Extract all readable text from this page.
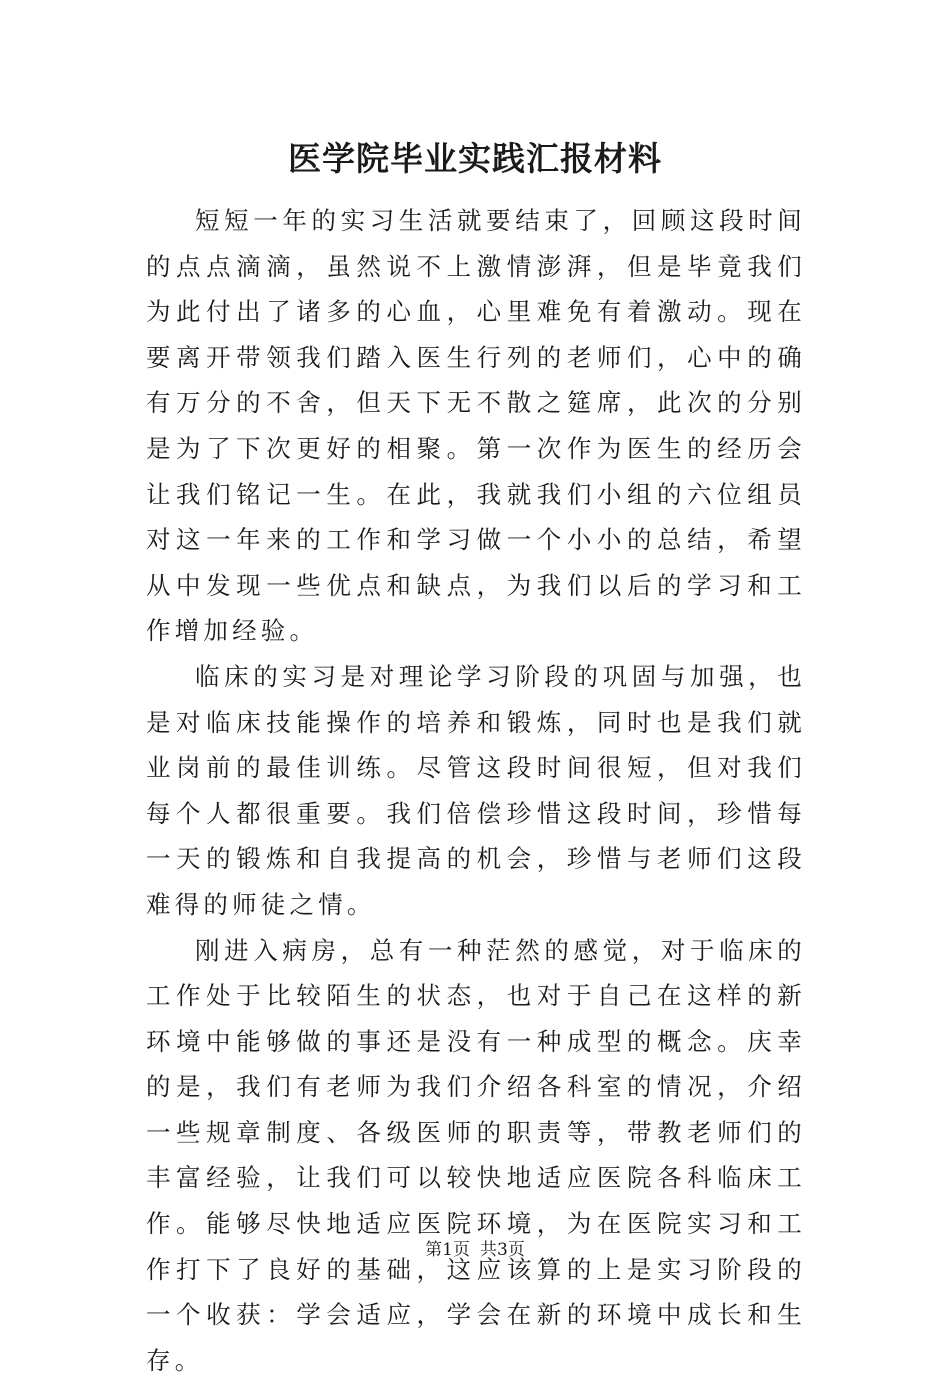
医学院毕业实践汇报材料

短短一年的实习生活就要结束了，回顾这段时间的点点滴滴，虽然说不上激情澎湃，但是毕竟我们为此付出了诸多的心血，心里难免有着激动。现在要离开带领我们踏入医生行列的老师们，心中的确有万分的不舍，但天下无不散之筵席，此次的分别是为了下次更好的相聚。第一次作为医生的经历会让我们铭记一生。在此，我就我们小组的六位组员对这一年来的工作和学习做一个小小的总结，希望从中发现一些优点和缺点，为我们以后的学习和工作增加经验。

临床的实习是对理论学习阶段的巩固与加强，也是对临床技能操作的培养和锻炼，同时也是我们就业岗前的最佳训练。尽管这段时间很短，但对我们每个人都很重要。我们倍偿珍惜这段时间，珍惜每一天的锻炼和自我提高的机会，珍惜与老师们这段难得的师徒之情。

刚进入病房，总有一种茫然的感觉，对于临床的工作处于比较陌生的状态，也对于自己在这样的新环境中能够做的事还是没有一种成型的概念。庆幸的是，我们有老师为我们介绍各科室的情况，介绍一些规章制度、各级医师的职责等，带教老师们的丰富经验，让我们可以较快地适应医院各科临床工作。能够尽快地适应医院环境，为在医院实习和工作打下了良好的基础，这应该算的上是实习阶段的一个收获：学会适应，学会在新的环境中成长和生存。

第1页 共3页
